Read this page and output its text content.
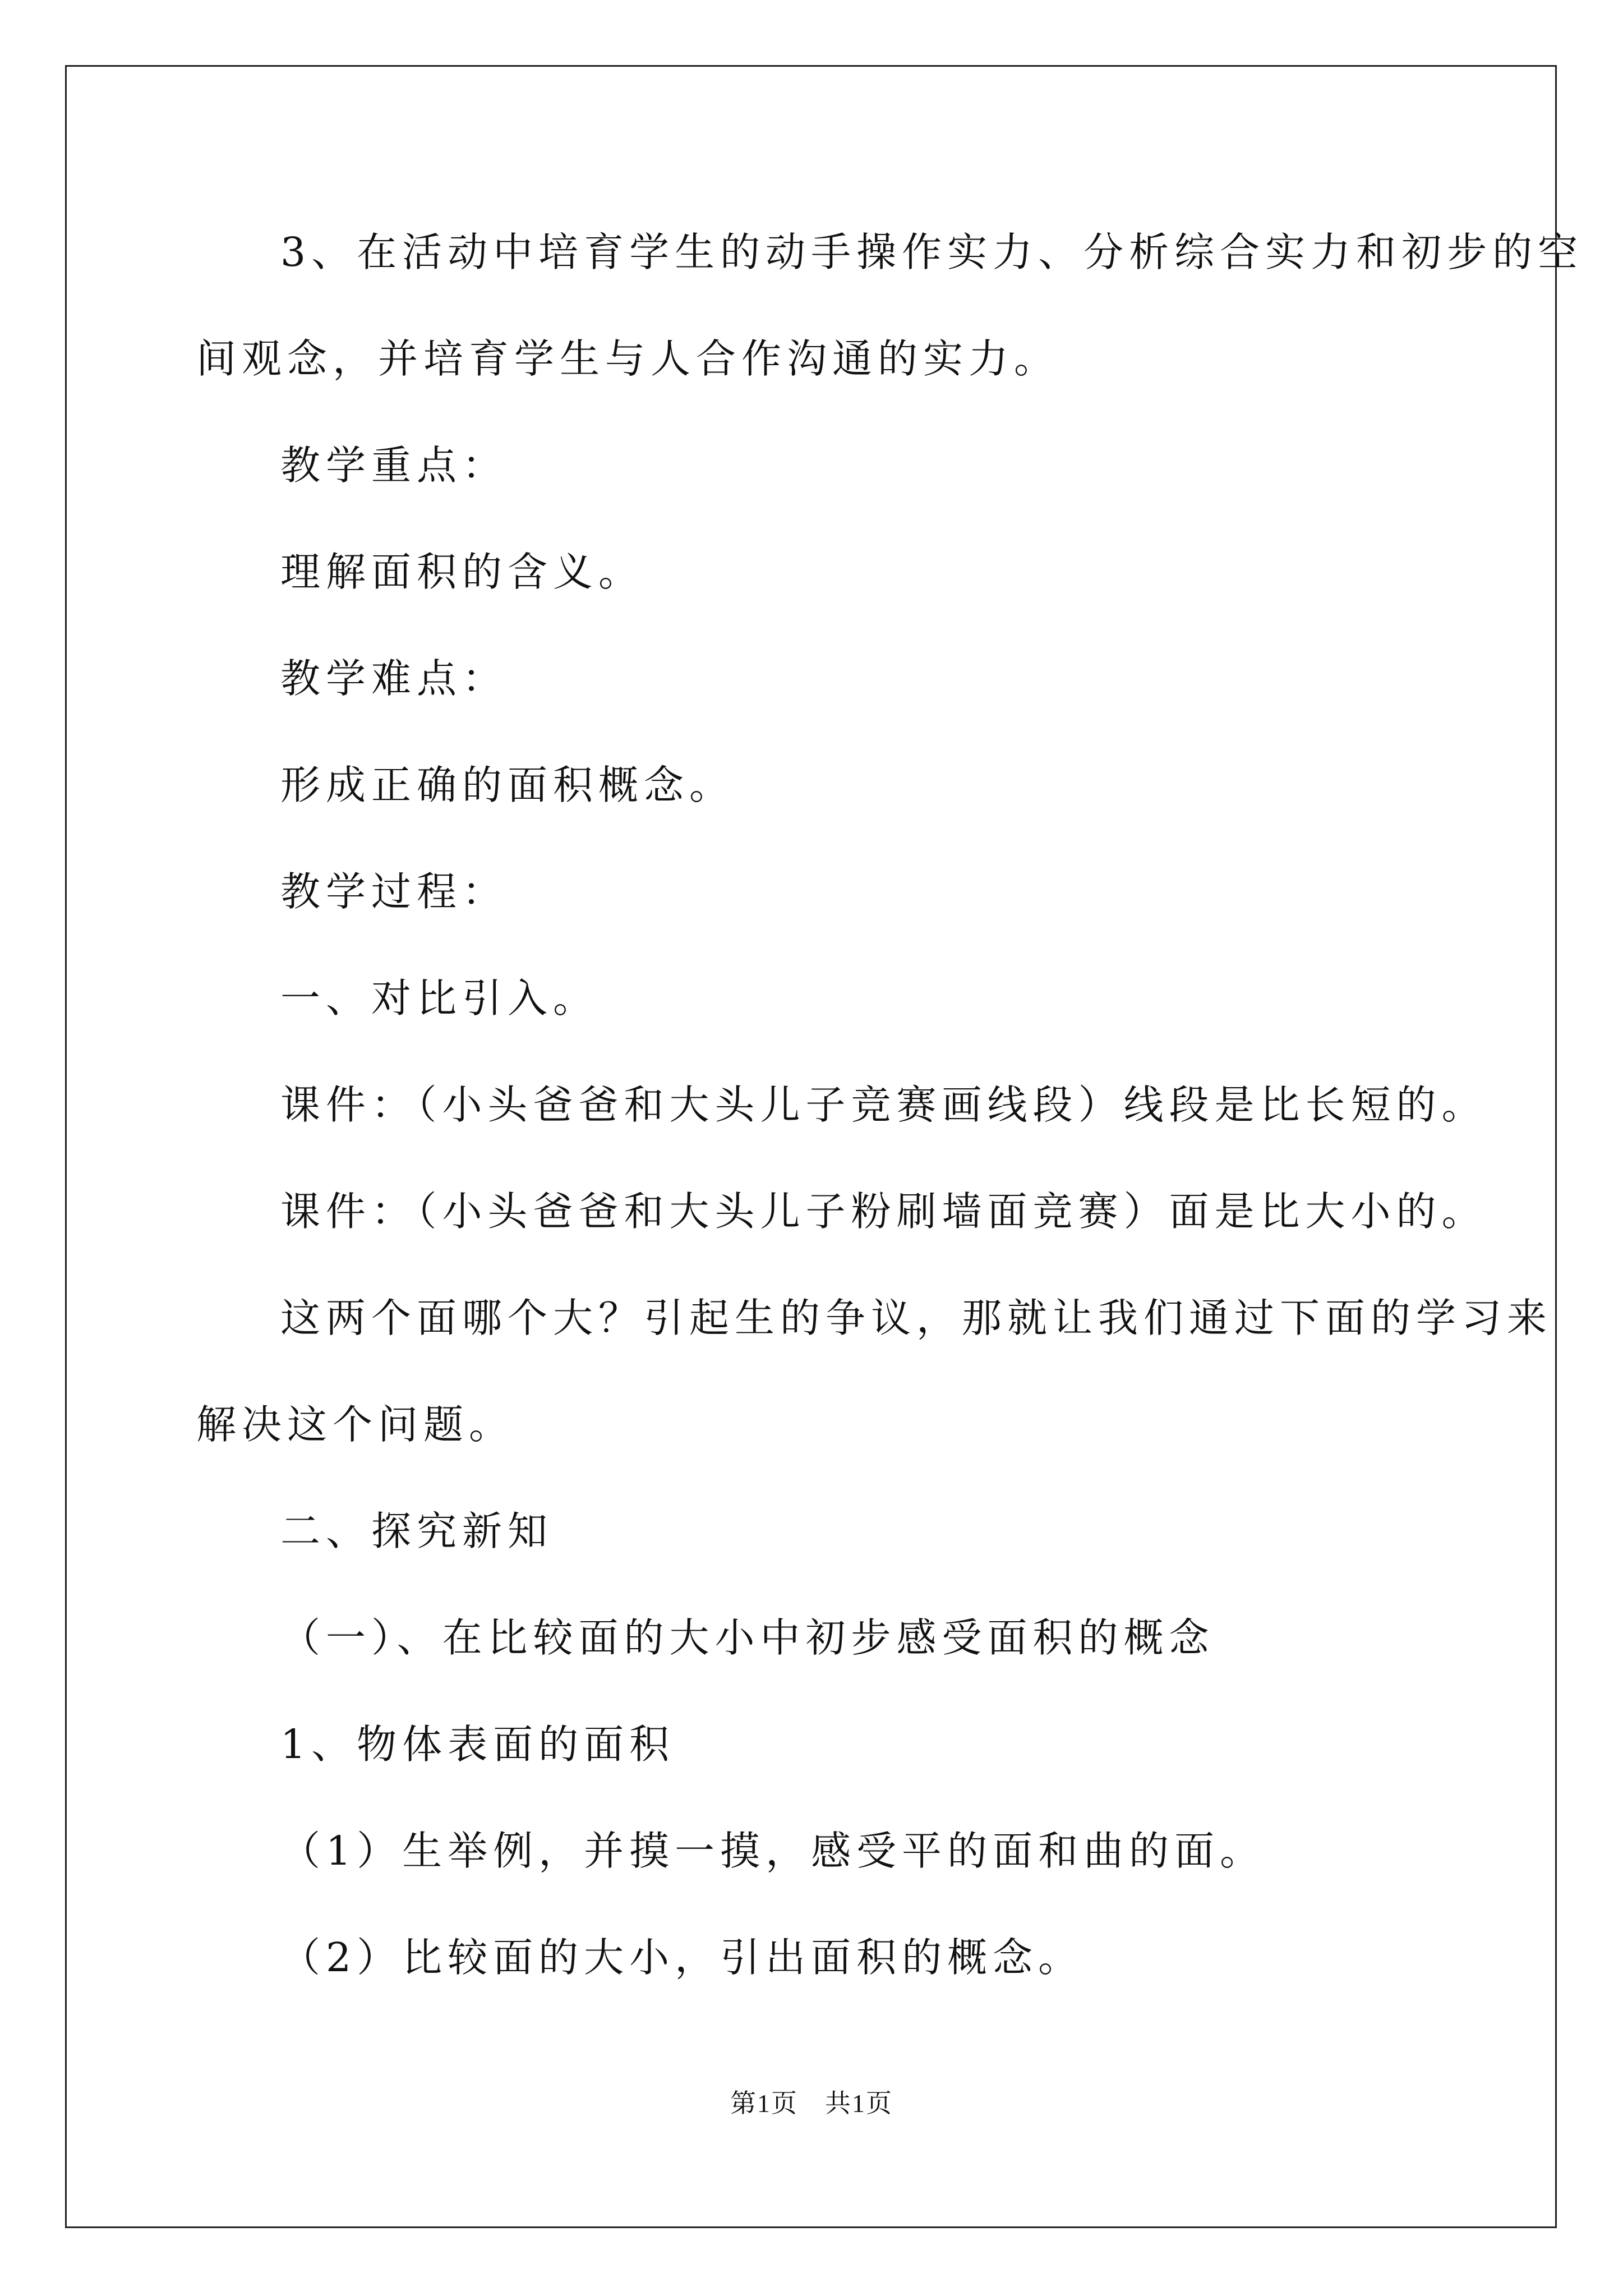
3、在活动中培育学生的动手操作实力、分析综合实力和初步的空
间观念，并培育学生与人合作沟通的实力。
教学重点：
理解面积的含义。
教学难点：
形成正确的面积概念。
教学过程：
一、对比引入。
课件：（小头爸爸和大头儿子竞赛画线段）线段是比长短的。
课件：（小头爸爸和大头儿子粉刷墙面竞赛）面是比大小的。
这两个面哪个大？引起生的争议，那就让我们通过下面的学习来
解决这个问题。
二、探究新知
（一）、在比较面的大小中初步感受面积的概念
1、物体表面的面积
（1）生举例，并摸一摸，感受平的面和曲的面。
（2）比较面的大小，引出面积的概念。
第1页　共1页
